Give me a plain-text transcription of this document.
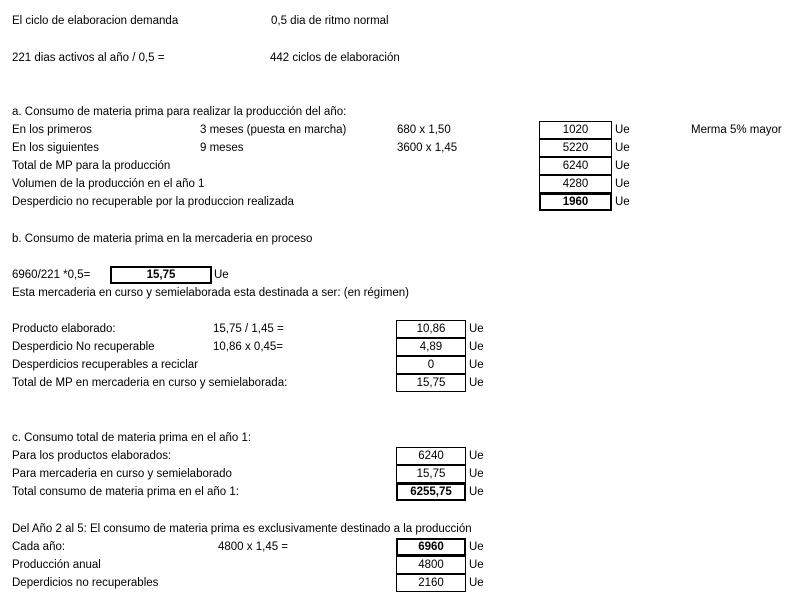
El ciclo de elaboracion demanda	0,5 dia de ritmo normal
221 dias activos al año / 0,5 =	442 ciclos de elaboración
a. Consumo de materia prima para realizar la producción del año:
En los primeros	3 meses (puesta en marcha)	680 x 1,50	1020	Ue	Merma 5% mayor
En los siguientes	9 meses	3600 x 1,45	5220	Ue
Total de MP para la producción	6240	Ue
Volumen de la producción en el año 1	4280	Ue
Desperdicio no recuperable por la produccion realizada	1960	Ue
b. Consumo de materia prima en la mercaderia en proceso
6960/221 *0,5=	15,75	Ue
Esta mercaderia en curso y semielaborada esta destinada a ser: (en régimen)
Producto elaborado:	15,75 / 1,45 =	10,86	Ue
Desperdicio No recuperable	10,86 x 0,45=	4,89	Ue
Desperdicios recuperables a reciclar	0	Ue
Total de MP en mercaderia en curso y semielaborada:	15,75	Ue
c. Consumo total de materia prima en el año 1:
Para los productos elaborados:	6240	Ue
Para mercaderia en curso y semielaborado	15,75	Ue
Total consumo de materia prima en el año 1:	6255,75	Ue
Del Año 2 al 5: El consumo de materia prima es exclusivamente destinado a la producción
Cada año:	4800 x 1,45 =	6960	Ue
Producción anual	4800	Ue
Deperdicios no recuperables	2160	Ue
